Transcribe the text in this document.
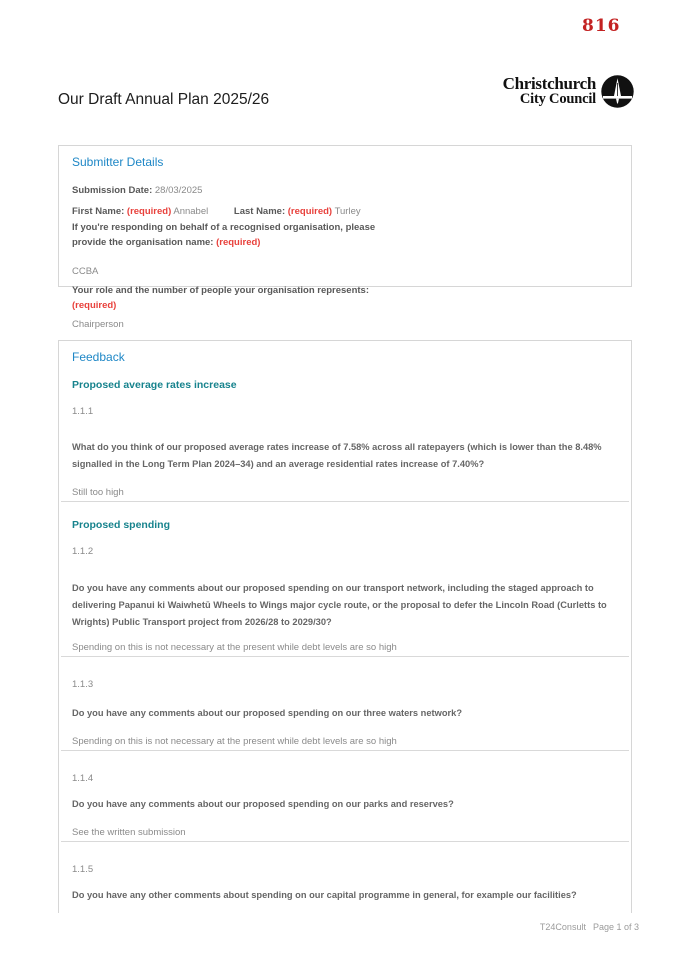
816
Our Draft Annual Plan 2025/26
Christchurch
City Council
Submitter Details
Submission Date: 28/03/2025
First Name: (required) Annabel	Last Name: (required) Turley
If you're responding on behalf of a recognised organisation, please provide the organisation name: (required)
CCBA
Your role and the number of people your organisation represents: (required)
Chairperson
Feedback
Proposed average rates increase
1.1.1
What do you think of our proposed average rates increase of 7.58% across all ratepayers (which is lower than the 8.48% signalled in the Long Term Plan 2024–34) and an average residential rates increase of 7.40%?
Still too high
Proposed spending
1.1.2
Do you have any comments about our proposed spending on our transport network, including the staged approach to delivering Papanui ki Waiwhetū Wheels to Wings major cycle route, or the proposal to defer the Lincoln Road (Curletts to Wrights) Public Transport project from 2026/28 to 2029/30?
Spending on this is not necessary at the present while debt levels are so high
1.1.3
Do you have any comments about our proposed spending on our three waters network?
Spending on this is not necessary at the present while debt levels are so high
1.1.4
Do you have any comments about our proposed spending on our parks and reserves?
See the written submission
1.1.5
Do you have any other comments about spending on our capital programme in general, for example our facilities?
T24Consult Page 1 of 3
